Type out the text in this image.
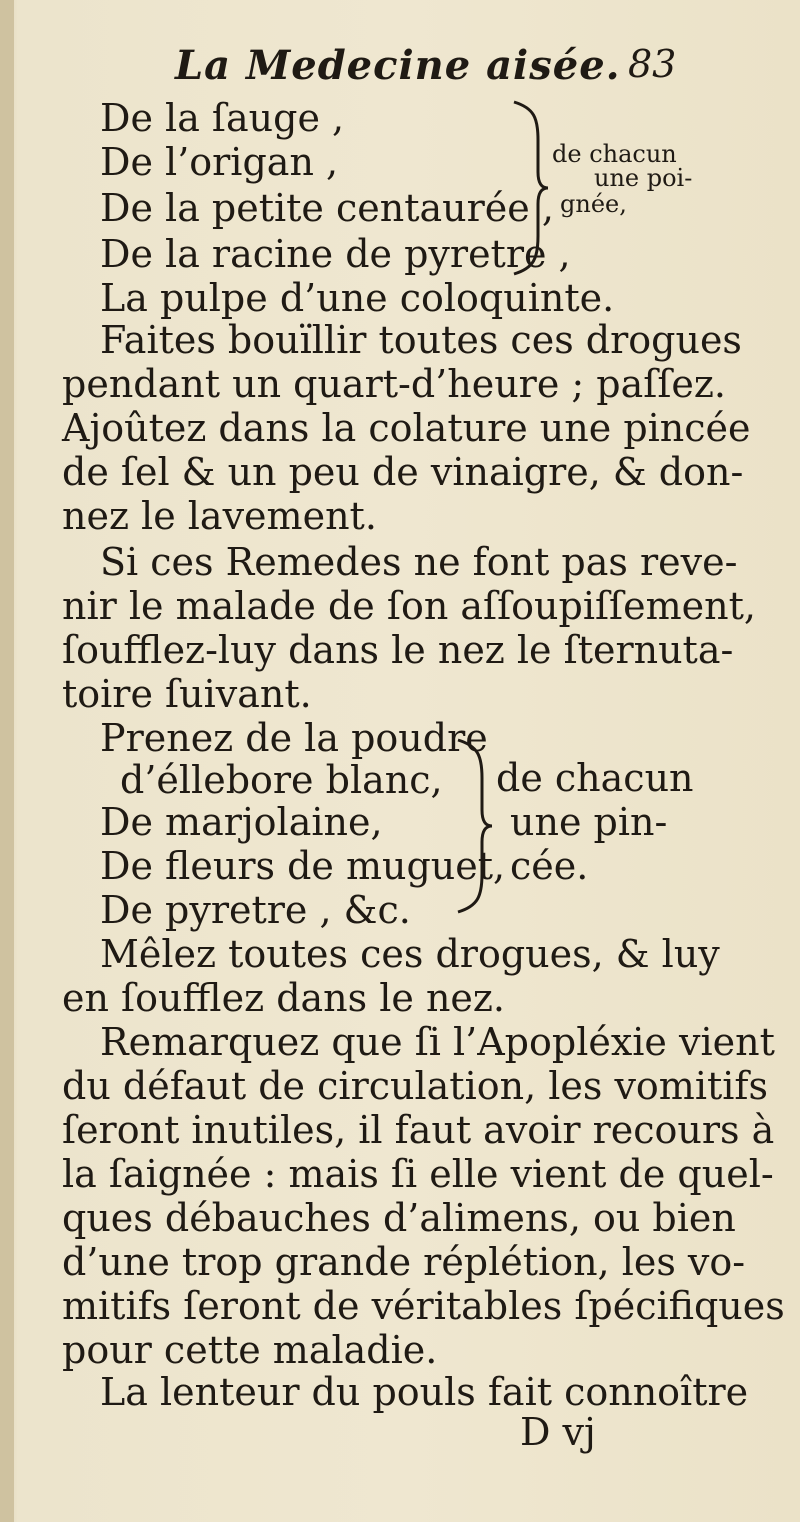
La Medecine aisée. 83
De la ſauge ,
De l’origan ,
De la petite centaurée ,
De la racine de pyretre ,
de chacun
une poi-
gnée,
La pulpe d’une coloquinte.
Faites bouïllir toutes ces drogues
pendant un quart-d’heure ; paſſez.
Ajoûtez dans la colature une pincée
de ſel & un peu de vinaigre, & don-
nez le lavement.
Si ces Remedes ne font pas reve-
nir le malade de ſon aſſoupiſſement,
ſoufflez-luy dans le nez le ſternuta-
toire ſuivant.
Prenez de la poudre
d’éllebore blanc,
De marjolaine,
De fleurs de muguet,
De pyretre , &c.
de chacun
une pin-
cée.
Mêlez toutes ces drogues, & luy
en ſoufflez dans le nez.
Remarquez que ſi l’Apopléxie vient
du défaut de circulation, les vomitifs
ſeront inutiles, il faut avoir recours à
la ſaignée : mais ſi elle vient de quel-
ques débauches d’alimens, ou bien
d’une trop grande réplétion, les vo-
mitifs ſeront de véritables ſpécifiques
pour cette maladie.
La lenteur du pouls fait connoître
D vj
